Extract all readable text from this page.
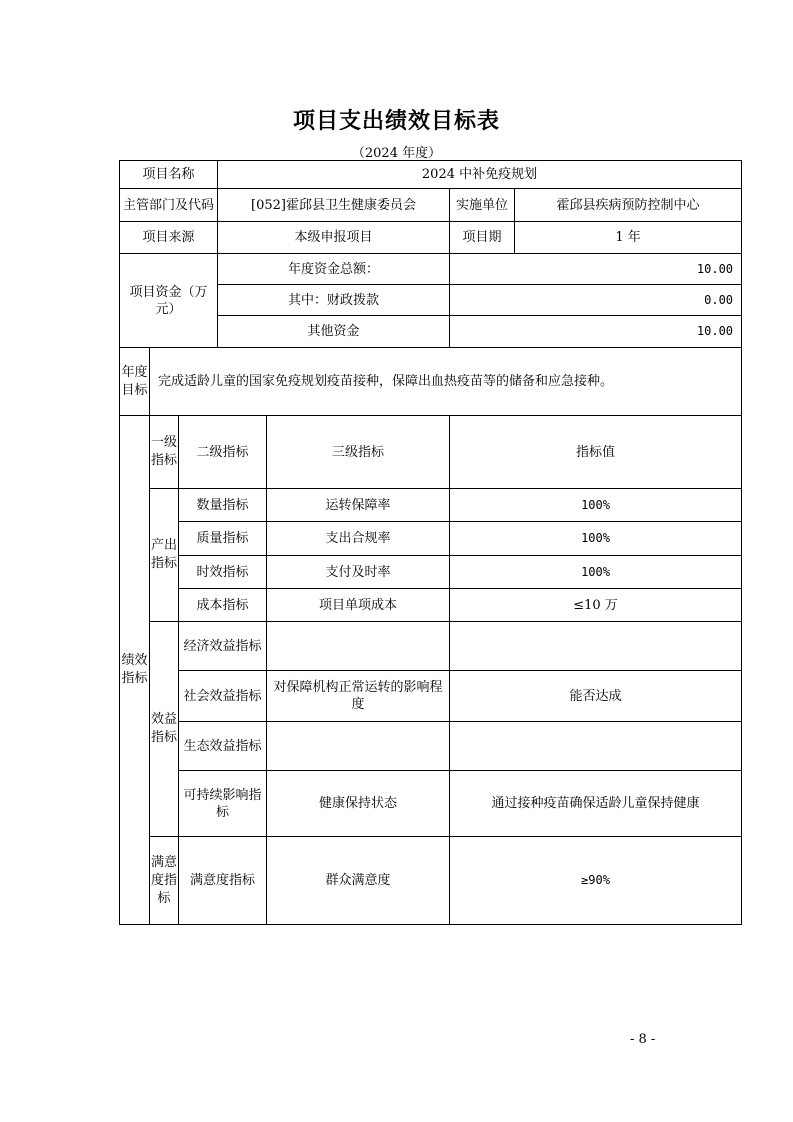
项目支出绩效目标表
（2024 年度）
项目名称			2024 中补免疫规划			
主管部门及代码			[052]霍邱县卫生健康委员会		实施单位	霍邱县疾病预防控制中心
项目来源			本级申报项目		项目期	1 年
项目资金（万元）			年度资金总额：		10.00	
			其中：财政拨款		0.00	
			其他资金		10.00	
年度目标	完成适龄儿童的国家免疫规划疫苗接种，保障出血热疫苗等的储备和应急接种。					
绩效指标	一级指标	二级指标		三级指标	指标值	
	产出指标	数量指标		运转保障率	100%	
		质量指标		支出合规率	100%	
		时效指标		支付及时率	100%	
		成本指标		项目单项成本	≤10 万	
	效益指标	经济效益指标				
		社会效益指标		对保障机构正常运转的影响程度	能否达成	
		生态效益指标				
		可持续影响指标		健康保持状态	通过接种疫苗确保适龄儿童保持健康	
	满意度指标	满意度指标		群众满意度	≥90%	
- 8 -
